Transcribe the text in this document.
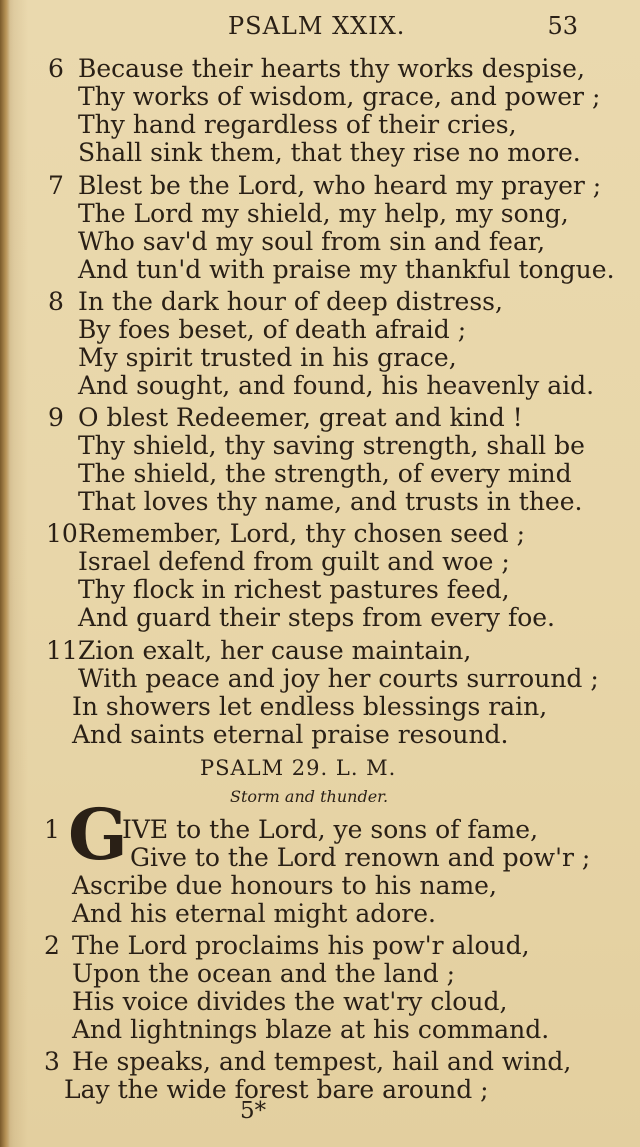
PSALM XXIX.	53
6 Because their hearts thy works despise,
Thy works of wisdom, grace, and power ;
Thy hand regardless of their cries,
Shall sink them, that they rise no more.
7 Blest be the Lord, who heard my prayer ;
The Lord my shield, my help, my song,
Who sav'd my soul from sin and fear,
And tun'd with praise my thankful tongue.
8 In the dark hour of deep distress,
By foes beset, of death afraid ;
My spirit trusted in his grace,
And sought, and found, his heavenly aid.
9 O blest Redeemer, great and kind !
Thy shield, thy saving strength, shall be
The shield, the strength, of every mind
That loves thy name, and trusts in thee.
10 Remember, Lord, thy chosen seed ;
Israel defend from guilt and woe ;
Thy flock in richest pastures feed,
And guard their steps from every foe.
11 Zion exalt, her cause maintain,
With peace and joy her courts surround ;
In showers let endless blessings rain,
And saints eternal praise resound.
PSALM 29. L. M.
Storm and thunder.
1 G
IVE to the Lord, ye sons of fame,
Give to the Lord renown and pow'r ;
Ascribe due honours to his name,
And his eternal might adore.
2 The Lord proclaims his pow'r aloud,
Upon the ocean and the land ;
His voice divides the wat'ry cloud,
And lightnings blaze at his command.
3 He speaks, and tempest, hail and wind,
Lay the wide forest bare around ;
5*
